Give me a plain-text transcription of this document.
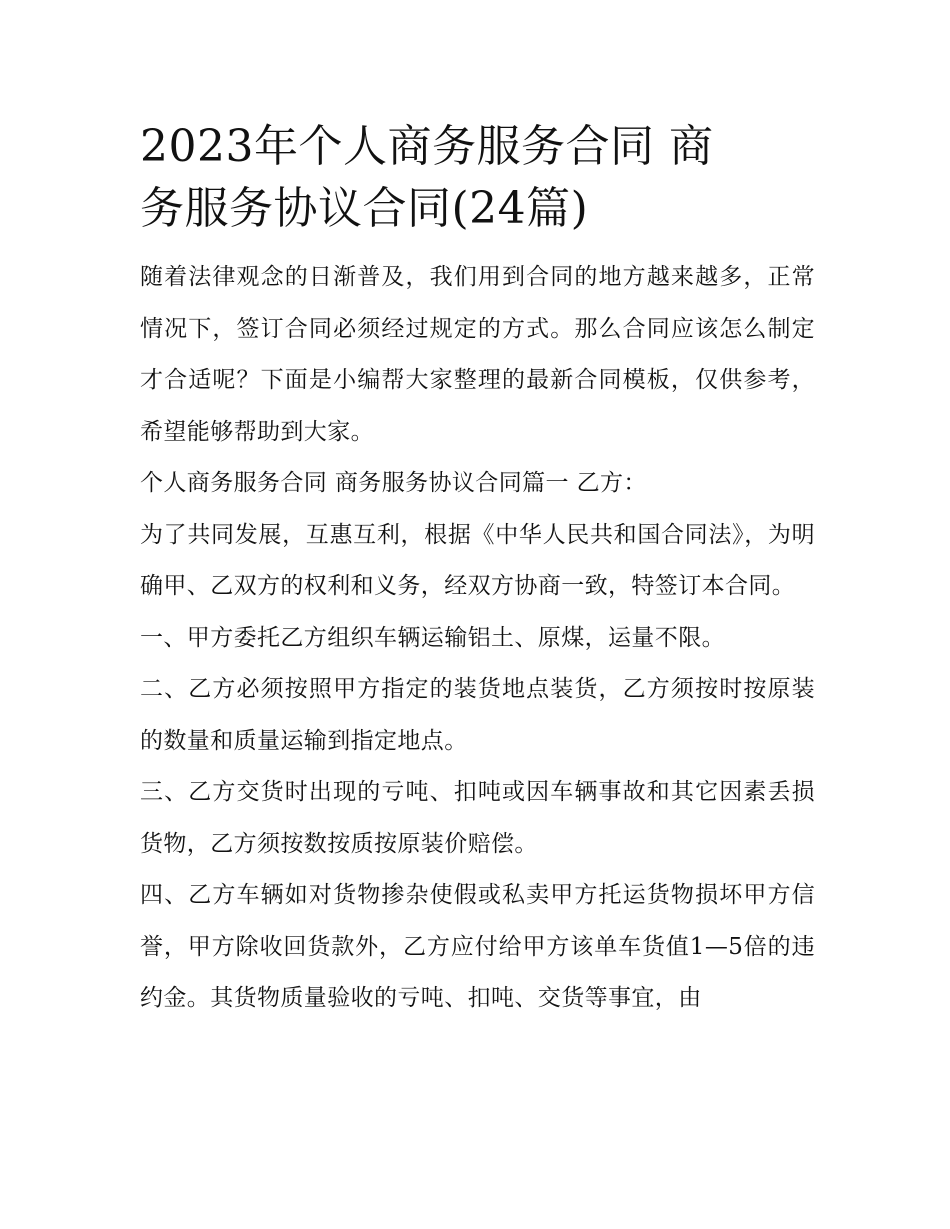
2023年个人商务服务合同 商
务服务协议合同(24篇)

随着法律观念的日渐普及，我们用到合同的地方越来越多，正常情况下，签订合同必须经过规定的方式。那么合同应该怎么制定才合适呢？下面是小编帮大家整理的最新合同模板，仅供参考，希望能够帮助到大家。

个人商务服务合同 商务服务协议合同篇一 乙方：

为了共同发展，互惠互利，根据《中华人民共和国合同法》，为明确甲、乙双方的权利和义务，经双方协商一致，特签订本合同。

一、甲方委托乙方组织车辆运输铝土、原煤，运量不限。

二、乙方必须按照甲方指定的装货地点装货，乙方须按时按原装的数量和质量运输到指定地点。

三、乙方交货时出现的亏吨、扣吨或因车辆事故和其它因素丢损货物，乙方须按数按质按原装价赔偿。

四、乙方车辆如对货物掺杂使假或私卖甲方托运货物损坏甲方信誉，甲方除收回货款外，乙方应付给甲方该单车货值1—5倍的违约金。其货物质量验收的亏吨、扣吨、交货等事宜，由
